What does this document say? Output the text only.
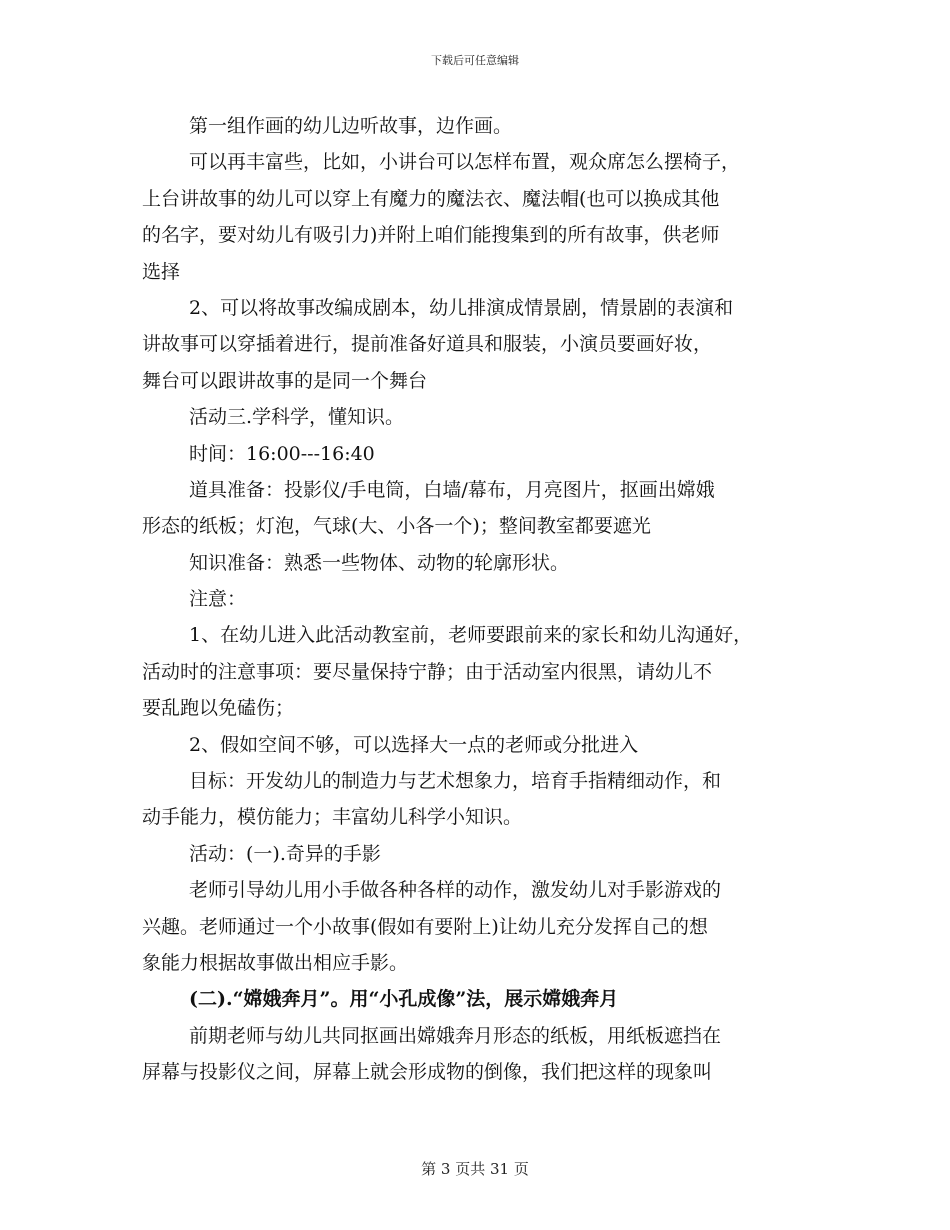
下载后可任意编辑
第一组作画的幼儿边听故事，边作画。
可以再丰富些，比如，小讲台可以怎样布置，观众席怎么摆椅子，
上台讲故事的幼儿可以穿上有魔力的魔法衣、魔法帽(也可以换成其他
的名字，要对幼儿有吸引力)并附上咱们能搜集到的所有故事，供老师
选择
2、可以将故事改编成剧本，幼儿排演成情景剧，情景剧的表演和
讲故事可以穿插着进行，提前准备好道具和服装，小演员要画好妆，
舞台可以跟讲故事的是同一个舞台
活动三.学科学，懂知识。
时间：16:00---16:40
道具准备：投影仪/手电筒，白墙/幕布，月亮图片，抠画出嫦娥
形态的纸板；灯泡，气球(大、小各一个)；整间教室都要遮光
知识准备：熟悉一些物体、动物的轮廓形状。
注意：
1、在幼儿进入此活动教室前，老师要跟前来的家长和幼儿沟通好，
活动时的注意事项：要尽量保持宁静；由于活动室内很黑，请幼儿不
要乱跑以免磕伤；
2、假如空间不够，可以选择大一点的老师或分批进入
目标：开发幼儿的制造力与艺术想象力，培育手指精细动作，和
动手能力，模仿能力；丰富幼儿科学小知识。
活动：(一).奇异的手影
老师引导幼儿用小手做各种各样的动作，激发幼儿对手影游戏的
兴趣。老师通过一个小故事(假如有要附上)让幼儿充分发挥自己的想
象能力根据故事做出相应手影。
(二).“嫦娥奔月”。用“小孔成像”法，展示嫦娥奔月
前期老师与幼儿共同抠画出嫦娥奔月形态的纸板，用纸板遮挡在
屏幕与投影仪之间，屏幕上就会形成物的倒像，我们把这样的现象叫
第 3 页共 31 页
